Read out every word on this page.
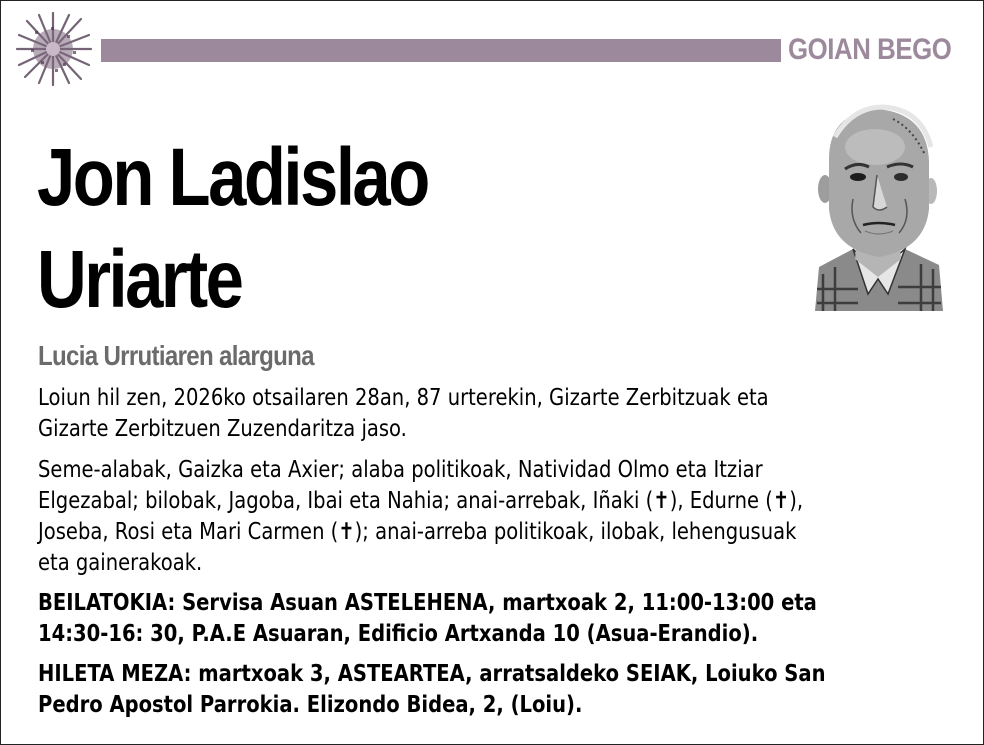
GOIAN BEGO
Jon Ladislao
Uriarte
Lucia Urrutiaren alarguna
Loiun hil zen, 2026ko otsailaren 28an, 87 urterekin, Gizarte Zerbitzuak eta
Gizarte Zerbitzuen Zuzendaritza jaso.
Seme-alabak, Gaizka eta Axier; alaba politikoak, Natividad Olmo eta Itziar
Elgezabal; bilobak, Jagoba, Ibai eta Nahia; anai-arrebak, Iñaki (✝), Edurne (✝),
Joseba, Rosi eta Mari Carmen (✝); anai-arreba politikoak, ilobak, lehengusuak
eta gainerakoak.
BEILATOKIA: Servisa Asuan ASTELEHENA, martxoak 2, 11:00-13:00 eta
14:30-16: 30, P.A.E Asuaran, Edificio Artxanda 10 (Asua-Erandio).
HILETA MEZA: martxoak 3, ASTEARTEA, arratsaldeko SEIAK, Loiuko San
Pedro Apostol Parrokia. Elizondo Bidea, 2, (Loiu).
